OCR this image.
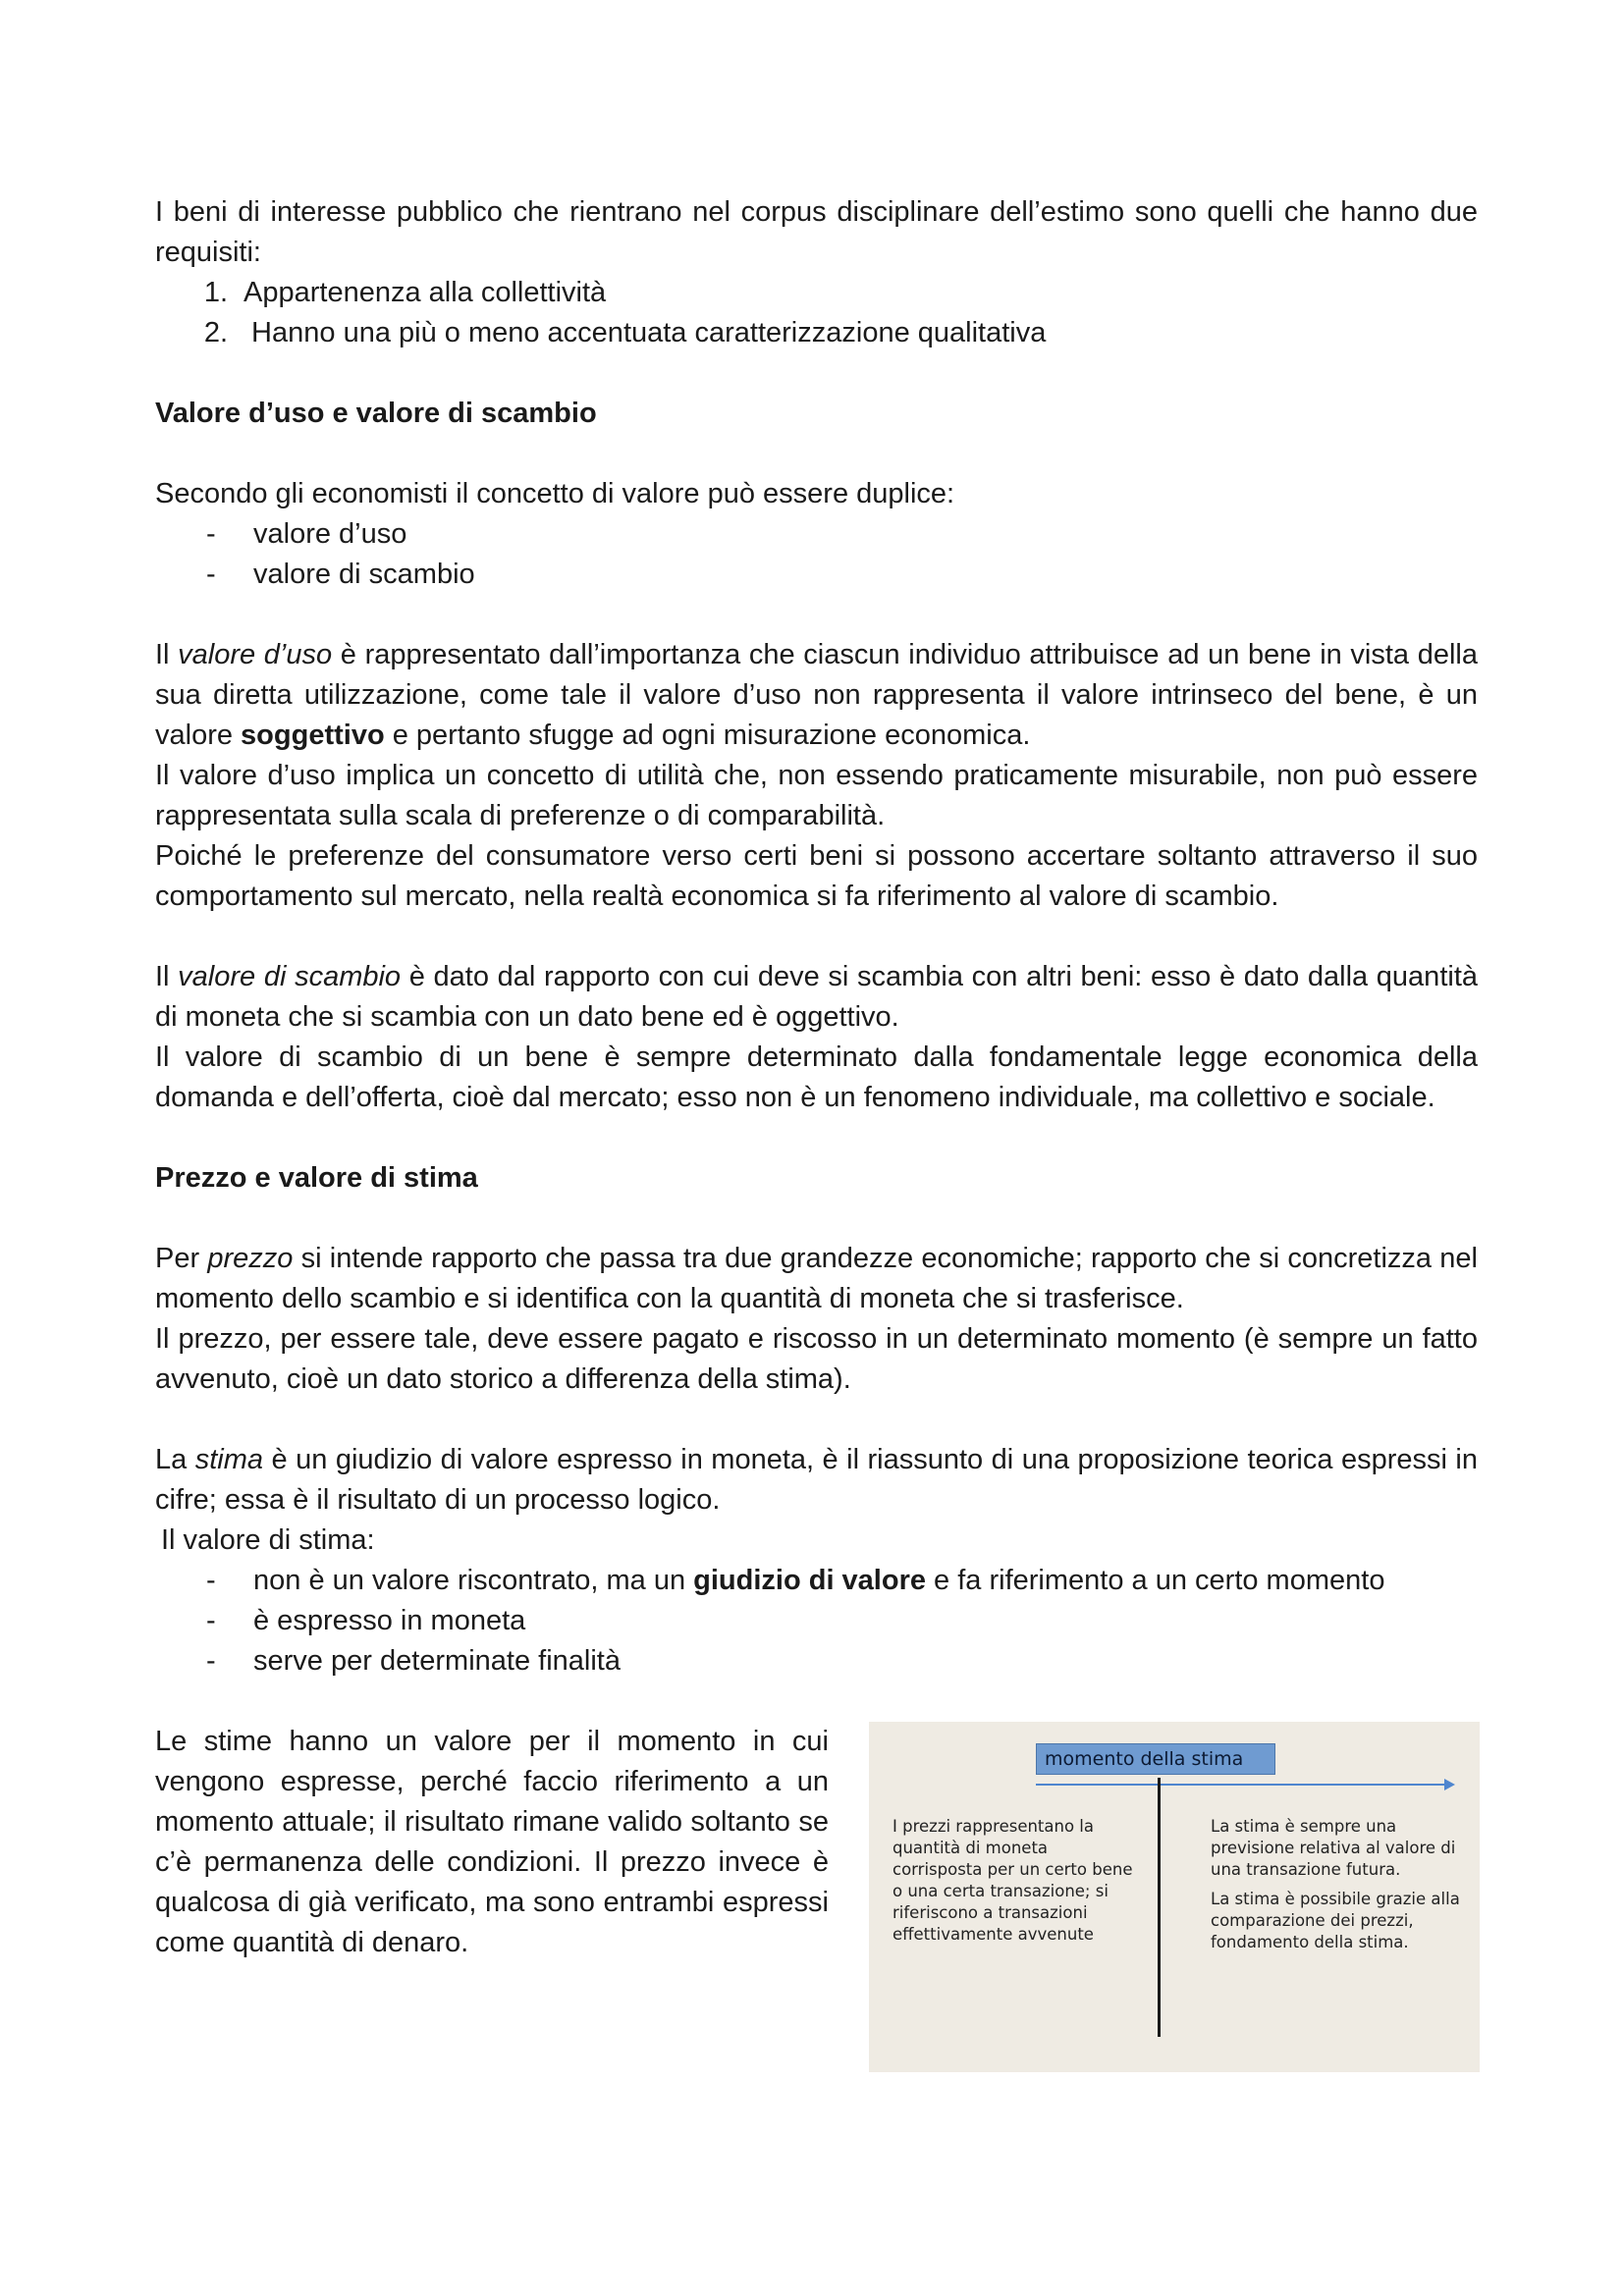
I beni di interesse pubblico che rientrano nel corpus disciplinare dell’estimo sono quelli che hanno due requisiti:

1. Appartenenza alla collettività
2. Hanno una più o meno accentuata caratterizzazione qualitativa

Valore d’uso e valore di scambio

Secondo gli economisti il concetto di valore può essere duplice:

-	valore d’uso
-	valore di scambio

Il valore d’uso è rappresentato dall’importanza che ciascun individuo attribuisce ad un bene in vista della sua diretta utilizzazione, come tale il valore d’uso non rappresenta il valore intrinseco del bene, è un valore soggettivo e pertanto sfugge ad ogni misurazione economica.

Il valore d’uso implica un concetto di utilità che, non essendo praticamente misurabile, non può essere rappresentata sulla scala di preferenze o di comparabilità.

Poiché le preferenze del consumatore verso certi beni si possono accertare soltanto attraverso il suo comportamento sul mercato, nella realtà economica si fa riferimento al valore di scambio.

Il valore di scambio è dato dal rapporto con cui deve si scambia con altri beni: esso è dato dalla quantità di moneta che si scambia con un dato bene ed è oggettivo.

Il valore di scambio di un bene è sempre determinato dalla fondamentale legge economica della domanda e dell’offerta, cioè dal mercato; esso non è un fenomeno individuale, ma collettivo e sociale.

Prezzo e valore di stima

Per prezzo si intende rapporto che passa tra due grandezze economiche; rapporto che si concretizza nel momento dello scambio e si identifica con la quantità di moneta che si trasferisce.

Il prezzo, per essere tale, deve essere pagato e riscosso in un determinato momento (è sempre un fatto avvenuto, cioè un dato storico a differenza della stima).

La stima è un giudizio di valore espresso in moneta, è il riassunto di una proposizione teorica espressi in cifre; essa è il risultato di un processo logico.

Il valore di stima:

-	non è un valore riscontrato, ma un giudizio di valore e fa riferimento a un certo momento
-	è espresso in moneta
-	serve per determinate finalità

Le stime hanno un valore per il momento in cui vengono espresse, perché faccio riferimento a un momento attuale; il risultato rimane valido soltanto se c’è permanenza delle condizioni. Il prezzo invece è qualcosa di già verificato, ma sono entrambi espressi come quantità di denaro.

momento della stima
I prezzi rappresentano la quantità di moneta corrisposta per un certo bene o una certa transazione; si riferiscono a transazioni effettivamente avvenute

La stima è sempre una previsione relativa al valore di una transazione futura.

La stima è possibile grazie alla comparazione dei prezzi, fondamento della stima.
